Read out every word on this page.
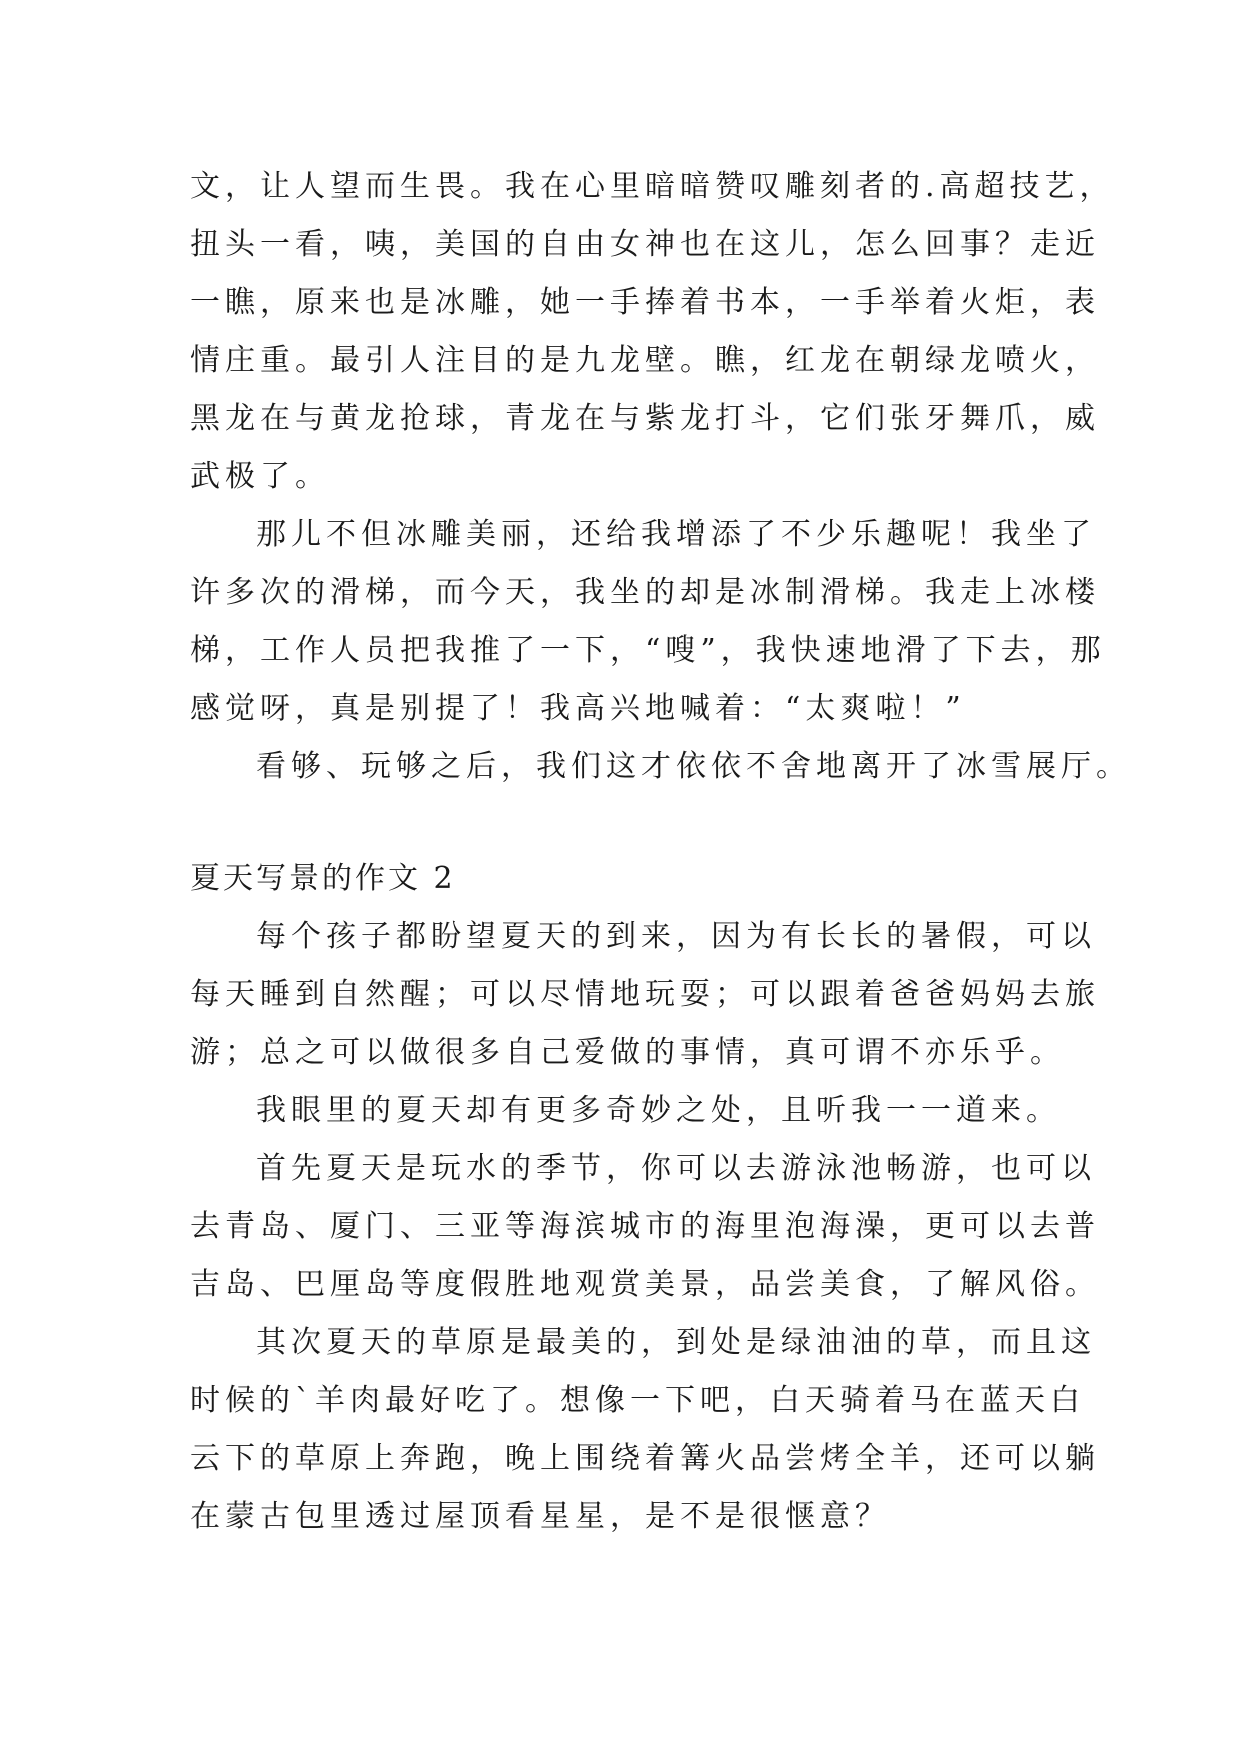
文，让人望而生畏。我在心里暗暗赞叹雕刻者的.高超技艺，
扭头一看，咦，美国的自由女神也在这儿，怎么回事？走近
一瞧，原来也是冰雕，她一手捧着书本，一手举着火炬，表
情庄重。最引人注目的是九龙壁。瞧，红龙在朝绿龙喷火，
黑龙在与黄龙抢球，青龙在与紫龙打斗，它们张牙舞爪，威
武极了。
那儿不但冰雕美丽，还给我增添了不少乐趣呢！我坐了
许多次的滑梯，而今天，我坐的却是冰制滑梯。我走上冰楼
梯，工作人员把我推了一下，“嗖”，我快速地滑了下去，那
感觉呀，真是别提了！我高兴地喊着：“太爽啦！”
看够、玩够之后，我们这才依依不舍地离开了冰雪展厅。
夏天写景的作文 2
每个孩子都盼望夏天的到来，因为有长长的暑假，可以
每天睡到自然醒；可以尽情地玩耍；可以跟着爸爸妈妈去旅
游；总之可以做很多自己爱做的事情，真可谓不亦乐乎。
我眼里的夏天却有更多奇妙之处，且听我一一道来。
首先夏天是玩水的季节，你可以去游泳池畅游，也可以
去青岛、厦门、三亚等海滨城市的海里泡海澡，更可以去普
吉岛、巴厘岛等度假胜地观赏美景，品尝美食，了解风俗。
其次夏天的草原是最美的，到处是绿油油的草，而且这
时候的`羊肉最好吃了。想像一下吧，白天骑着马在蓝天白
云下的草原上奔跑，晚上围绕着篝火品尝烤全羊，还可以躺
在蒙古包里透过屋顶看星星，是不是很惬意？
